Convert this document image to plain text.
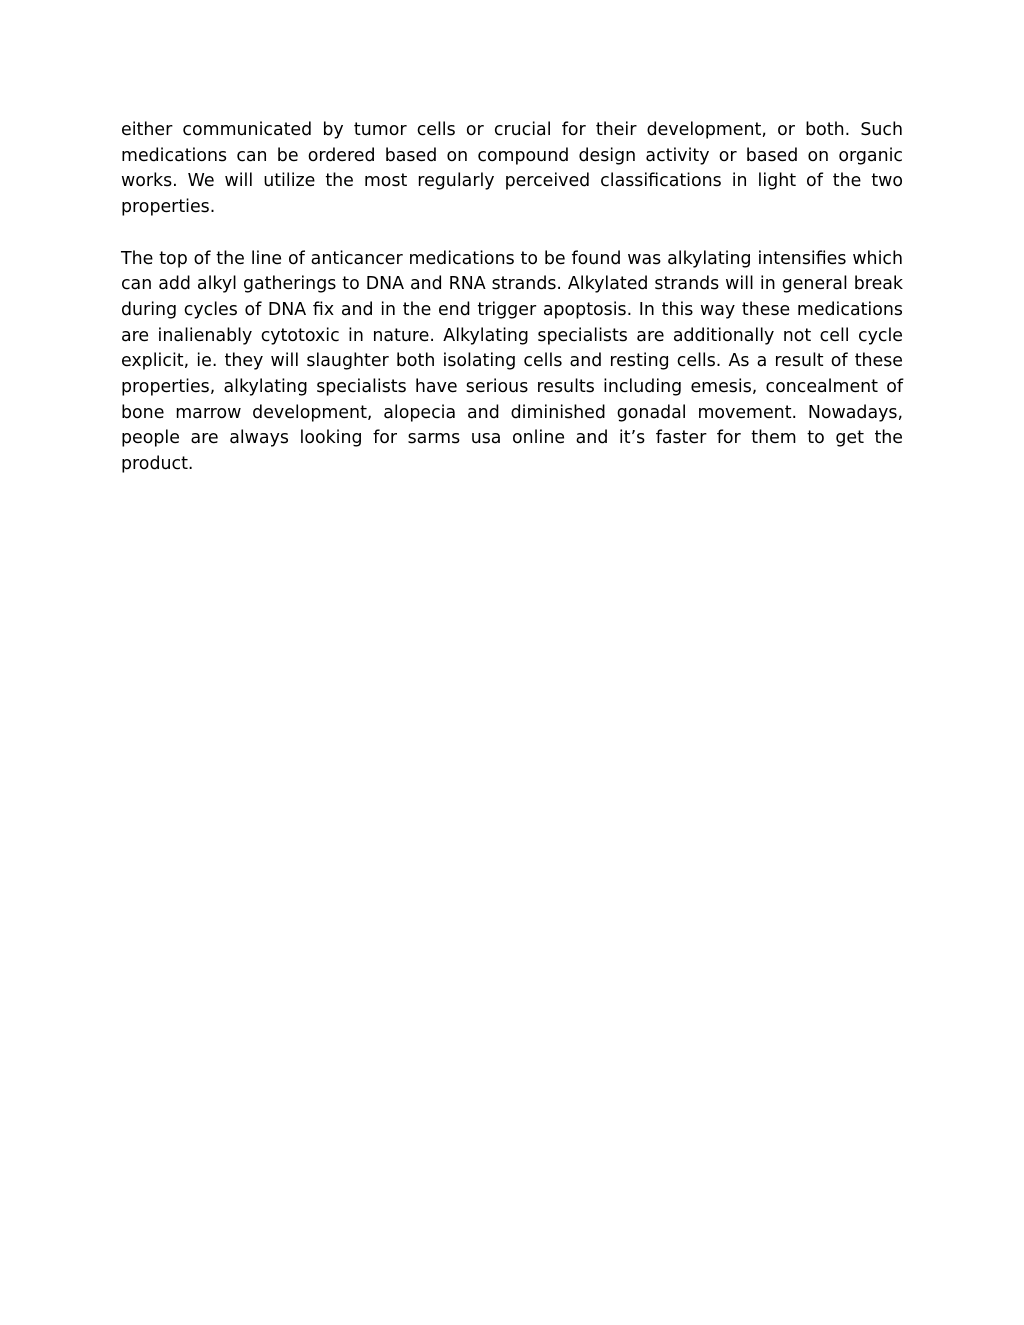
either communicated by tumor cells or crucial for their development, or both. Such medications can be ordered based on compound design activity or based on organic works. We will utilize the most regularly perceived classifications in light of the two properties.

The top of the line of anticancer medications to be found was alkylating intensifies which can add alkyl gatherings to DNA and RNA strands. Alkylated strands will in general break during cycles of DNA fix and in the end trigger apoptosis. In this way these medications are inalienably cytotoxic in nature. Alkylating specialists are additionally not cell cycle explicit, ie. they will slaughter both isolating cells and resting cells. As a result of these properties, alkylating specialists have serious results including emesis, concealment of bone marrow development, alopecia and diminished gonadal movement. Nowadays, people are always looking for sarms usa online and it’s faster for them to get the product.
